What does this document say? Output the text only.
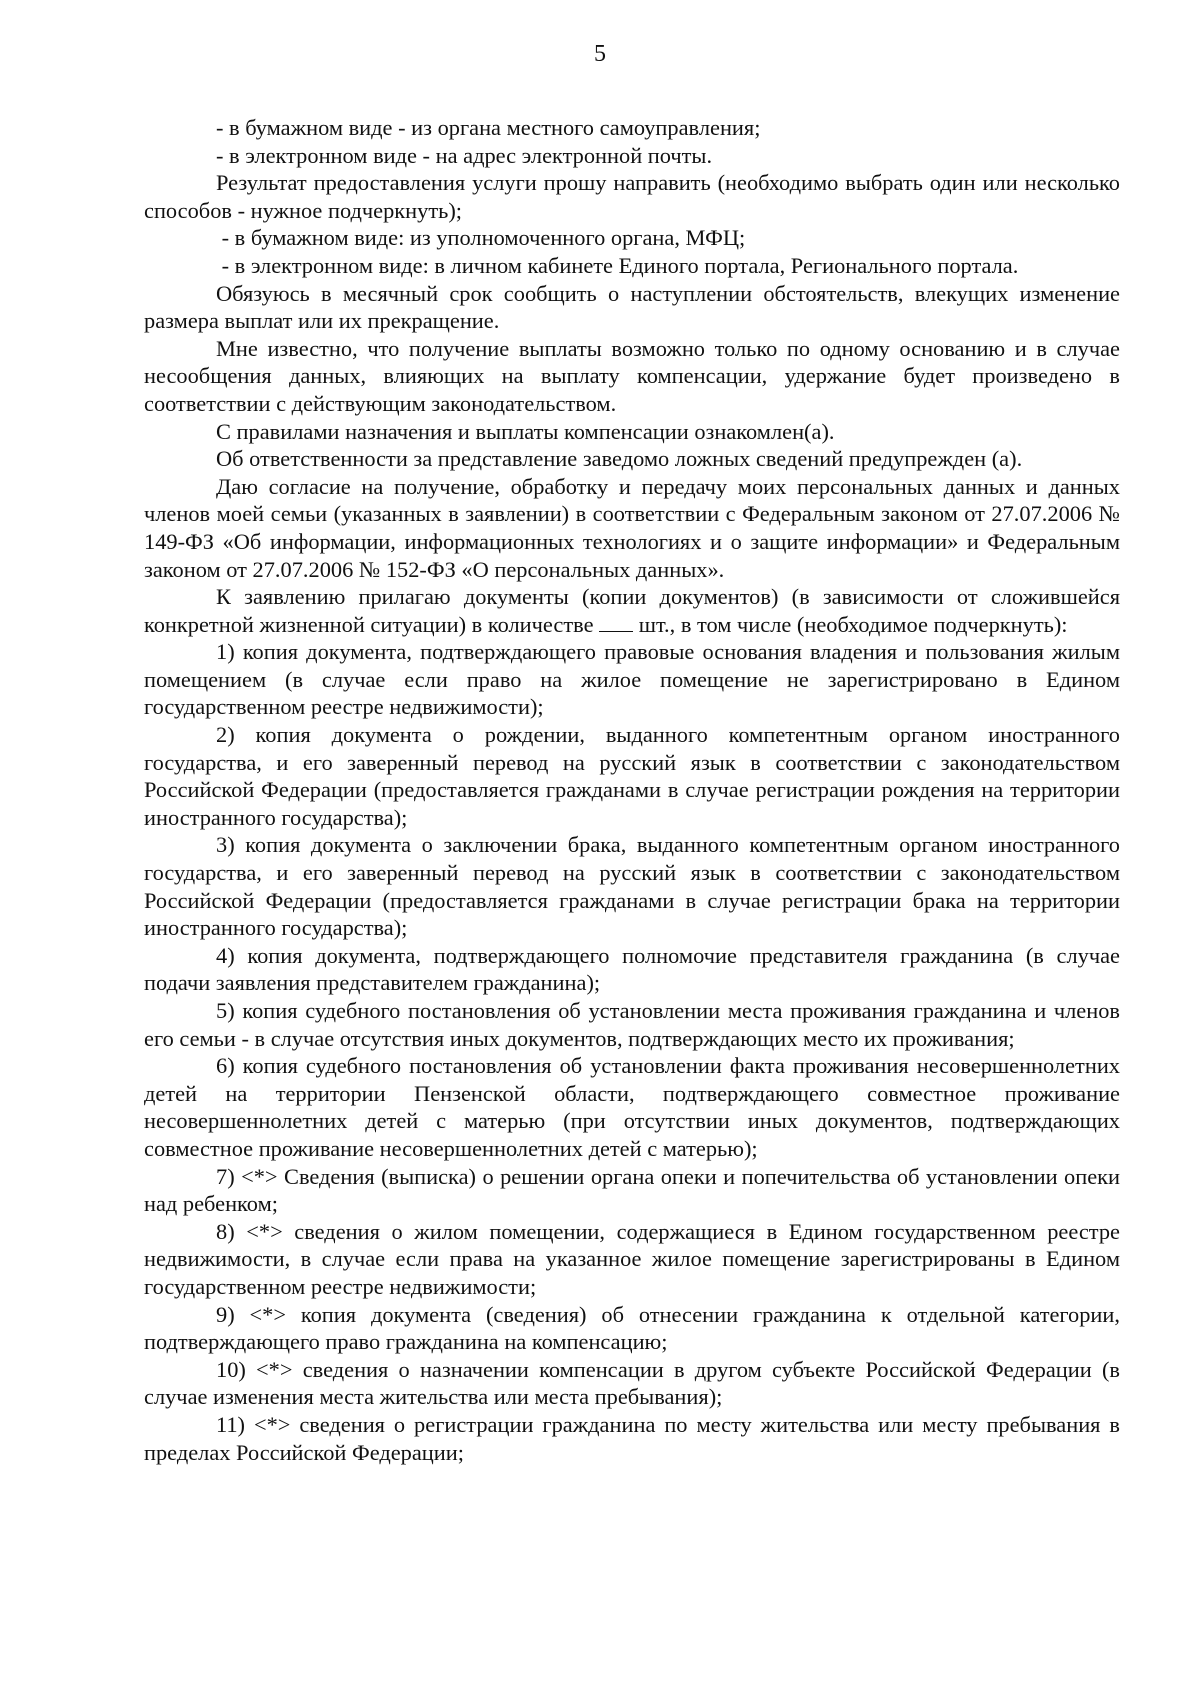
5

- в бумажном виде - из органа местного самоуправления;

- в электронном виде - на адрес электронной почты.

Результат предоставления услуги прошу направить (необходимо выбрать один или несколько способов - нужное подчеркнуть);

- в бумажном виде: из уполномоченного органа, МФЦ;

- в электронном виде: в личном кабинете Единого портала, Регионального портала.

Обязуюсь в месячный срок сообщить о наступлении обстоятельств, влекущих изменение размера выплат или их прекращение.

Мне известно, что получение выплаты возможно только по одному основанию и в случае несообщения данных, влияющих на выплату компенсации, удержание будет произведено в соответствии с действующим законодательством.

С правилами назначения и выплаты компенсации ознакомлен(а).

Об ответственности за представление заведомо ложных сведений предупрежден (а).

Даю согласие на получение, обработку и передачу моих персональных данных и данных членов моей семьи (указанных в заявлении) в соответствии с Федеральным законом от 27.07.2006 № 149-ФЗ «Об информации, информационных технологиях и о защите информации» и Федеральным законом от 27.07.2006 № 152-ФЗ «О персональных данных».

К заявлению прилагаю документы (копии документов) (в зависимости от сложившейся конкретной жизненной ситуации) в количестве  шт., в том числе (необходимое подчеркнуть):

1) копия документа, подтверждающего правовые основания владения и пользования жилым помещением (в случае если право на жилое помещение не зарегистрировано в Едином государственном реестре недвижимости);

2) копия документа о рождении, выданного компетентным органом иностранного государства, и его заверенный перевод на русский язык в соответствии с законодательством Российской Федерации (предоставляется гражданами в случае регистрации рождения на территории иностранного государства);

3) копия документа о заключении брака, выданного компетентным органом иностранного государства, и его заверенный перевод на русский язык в соответствии с законодательством Российской Федерации (предоставляется гражданами в случае регистрации брака на территории иностранного государства);

4) копия документа, подтверждающего полномочие представителя гражданина (в случае подачи заявления представителем гражданина);

5) копия судебного постановления об установлении места проживания гражданина и членов его семьи - в случае отсутствия иных документов, подтверждающих место их проживания;

6) копия судебного постановления об установлении факта проживания несовершеннолетних детей на территории Пензенской области, подтверждающего совместное проживание несовершеннолетних детей с матерью (при отсутствии иных документов, подтверждающих совместное проживание несовершеннолетних детей с матерью);

7) <*> Сведения (выписка) о решении органа опеки и попечительства об установлении опеки над ребенком;

8) <*> сведения о жилом помещении, содержащиеся в Едином государственном реестре недвижимости, в случае если права на указанное жилое помещение зарегистрированы в Едином государственном реестре недвижимости;

9) <*> копия документа (сведения) об отнесении гражданина к отдельной категории, подтверждающего право гражданина на компенсацию;

10) <*> сведения о назначении компенсации в другом субъекте Российской Федерации (в случае изменения места жительства или места пребывания);

11) <*> сведения о регистрации гражданина по месту жительства или месту пребывания в пределах Российской Федерации;
